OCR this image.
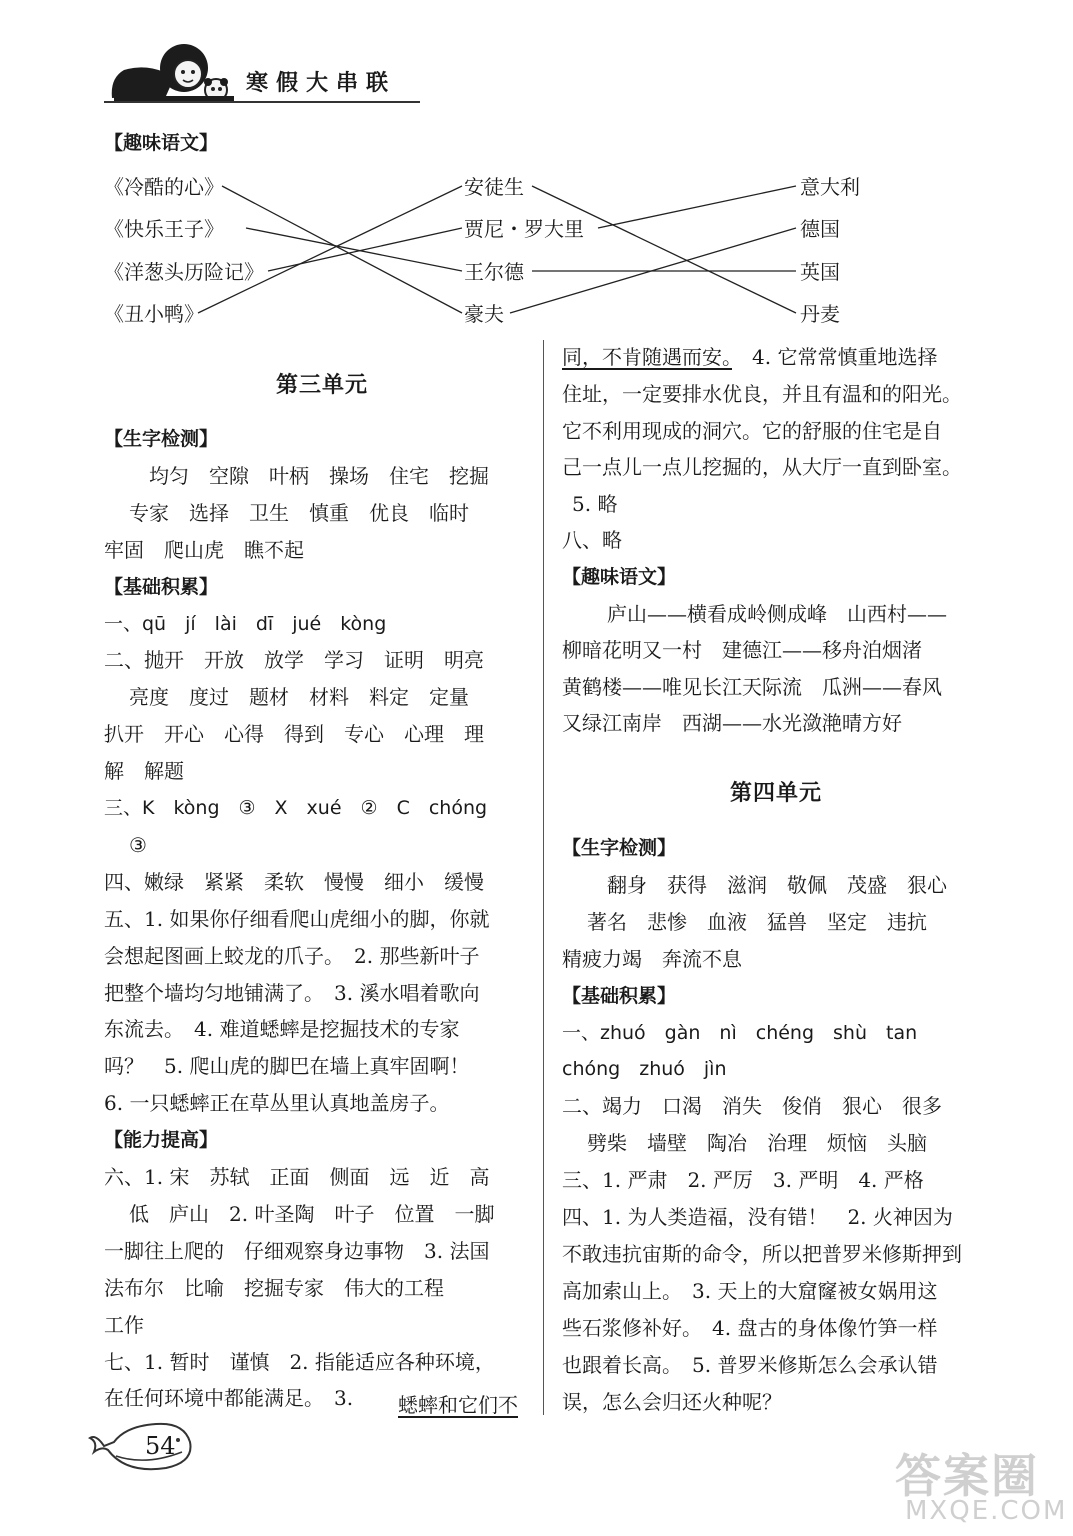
寒假大串联
【趣味语文】
《冷酷的心》
《快乐王子》
《洋葱头历险记》
《丑小鸭》
安徒生
贾尼・罗大里
王尔德
豪夫
意大利
德国
英国
丹麦
第三单元
【生字检测】
均匀　空隙　叶柄　操场　住宅　挖掘
专家　选择　卫生　慎重　优良　临时
牢固　爬山虎　瞧不起
【基础积累】
一、qū　jí　lài　dī　jué　kòng
二、抛开　开放　放学　学习　证明　明亮
亮度　度过　题材　材料　料定　定量
扒开　开心　心得　得到　专心　心理　理
解　解题
三、K　kòng　③　X　xué　②　C　chóng
③
四、嫩绿　紧紧　柔软　慢慢　细小　缓慢
五、1. 如果你仔细看爬山虎细小的脚，你就
会想起图画上蛟龙的爪子。　2. 那些新叶子
把整个墙均匀地铺满了。　3. 溪水唱着歌向
东流去。　4. 难道蟋蟀是挖掘技术的专家
吗？　5. 爬山虎的脚巴在墙上真牢固啊！
6. 一只蟋蟀正在草丛里认真地盖房子。
【能力提高】
六、1. 宋　苏轼　正面　侧面　远　近　高
低　庐山　2. 叶圣陶　叶子　位置　一脚
一脚往上爬的　仔细观察身边事物　3. 法国
法布尔　比喻　挖掘专家　伟大的工程
工作
七、1. 暂时　谨慎　2. 指能适应各种环境，
在任何环境中都能满足。　3. 蟋蟀和它们不
同，不肯随遇而安。　4. 它常常慎重地选择
住址，一定要排水优良，并且有温和的阳光。
它不利用现成的洞穴。它的舒服的住宅是自
己一点儿一点儿挖掘的，从大厅一直到卧室。
5. 略
八、略
【趣味语文】
庐山——横看成岭侧成峰　山西村——
柳暗花明又一村　建德江——移舟泊烟渚
黄鹤楼——唯见长江天际流　瓜洲——春风
又绿江南岸　西湖——水光潋滟晴方好
第四单元
【生字检测】
翻身　获得　滋润　敬佩　茂盛　狠心
著名　悲惨　血液　猛兽　坚定　违抗
精疲力竭　奔流不息
【基础积累】
一、zhuó　gàn　nì　chéng　shù　tan
chóng　zhuó　jìn
二、竭力　口渴　消失　俊俏　狠心　很多
劈柴　墙壁　陶冶　治理　烦恼　头脑
三、1. 严肃　2. 严厉　3. 严明　4. 严格
四、1. 为人类造福，没有错！　2. 火神因为
不敢违抗宙斯的命令，所以把普罗米修斯押到
高加索山上。　3. 天上的大窟窿被女娲用这
些石浆修补好。　4. 盘古的身体像竹笋一样
也跟着长高。　5. 普罗米修斯怎么会承认错
误，怎么会归还火种呢？
54
答案圈
MXQE.COM
